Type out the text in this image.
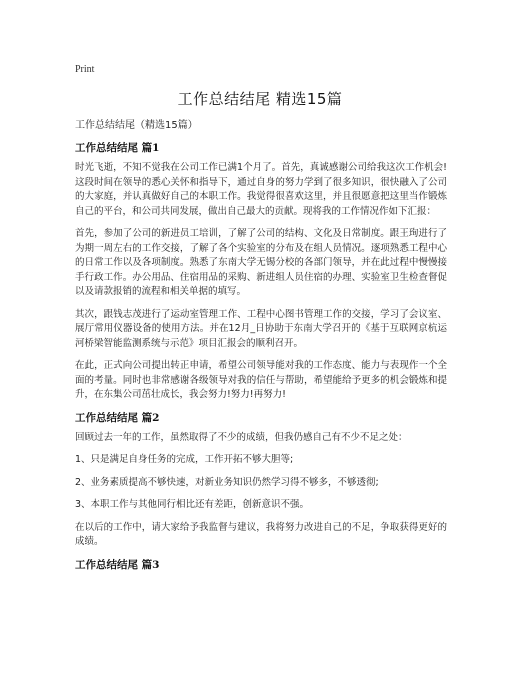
Print
工作总结结尾 精选15篇

工作总结结尾（精选15篇）

工作总结结尾 篇1

时光飞逝，不知不觉我在公司工作已满1个月了。首先，真诚感谢公司给我这次工作机会!这段时间在领导的悉心关怀和指导下，通过自身的努力学到了很多知识，很快融入了公司的大家庭，并认真做好自己的本职工作。我觉得很喜欢这里，并且很愿意把这里当作锻炼自己的平台，和公司共同发展，做出自己最大的贡献。现将我的工作情况作如下汇报：

首先，参加了公司的新进员工培训，了解了公司的结构、文化及日常制度。跟王珣进行了为期一周左右的工作交接，了解了各个实验室的分布及在组人员情况。逐项熟悉工程中心的日常工作以及各项制度。熟悉了东南大学无锡分校的各部门领导，并在此过程中慢慢接手行政工作。办公用品、住宿用品的采购、新进组人员住宿的办理、实验室卫生检查督促以及请款报销的流程和相关单据的填写。

其次，跟钱志茂进行了运动室管理工作、工程中心图书管理工作的交接，学习了会议室、展厅常用仪器设备的使用方法。并在12月_日协助于东南大学召开的《基于互联网京杭运河桥梁智能监测系统与示范》项目汇报会的顺利召开。

在此，正式向公司提出转正申请，希望公司领导能对我的工作态度、能力与表现作一个全面的考量。同时也非常感谢各级领导对我的信任与帮助，希望能给予更多的机会锻炼和提升，在东集公司茁壮成长，我会努力!努力!再努力!

工作总结结尾 篇2

回顾过去一年的工作，虽然取得了不少的成绩，但我仍感自己有不少不足之处：

1、只是满足自身任务的完成，工作开拓不够大胆等;

2、业务素质提高不够快速，对新业务知识仍然学习得不够多，不够透彻;

3、本职工作与其他同行相比还有差距，创新意识不强。

在以后的工作中，请大家给予我监督与建议，我将努力改进自己的不足，争取获得更好的成绩。

工作总结结尾 篇3
